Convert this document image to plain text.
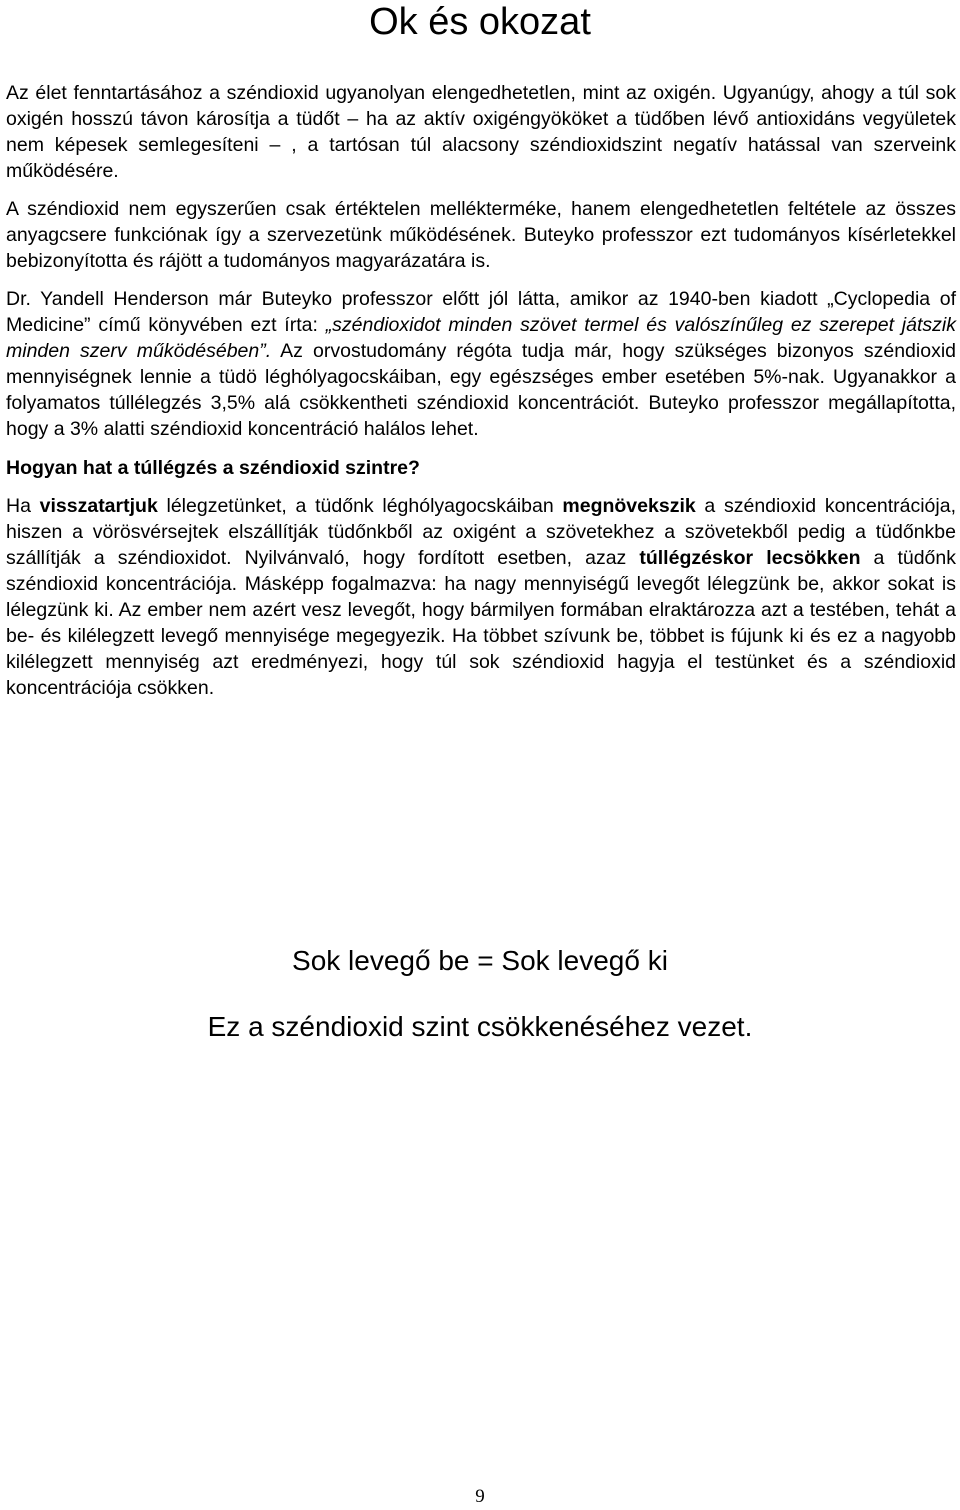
Ok és okozat

Az élet fenntartásához a széndioxid ugyanolyan elengedhetetlen, mint az oxigén. Ugyanúgy, ahogy a túl sok oxigén hosszú távon károsítja a tüdőt – ha az aktív oxigéngyököket a tüdőben lévő antioxidáns vegyületek nem képesek semlegesíteni – , a tartósan túl alacsony széndioxidszint negatív hatással van szerveink működésére.

A széndioxid nem egyszerűen csak értéktelen mellékterméke, hanem elengedhetetlen feltétele az összes anyagcsere funkciónak így a szervezetünk működésének. Buteyko professzor ezt tudományos kísérletekkel bebizonyította és rájött a tudományos magyarázatára is.

Dr. Yandell Henderson már Buteyko professzor előtt jól látta, amikor az 1940-ben kiadott „Cyclopedia of Medicine” című könyvében ezt írta: „széndioxidot minden szövet termel és valószínűleg ez szerepet játszik minden szerv működésében”. Az orvostudomány régóta tudja már, hogy szükséges bizonyos széndioxid mennyiségnek lennie a tüdö léghólyagocskáiban, egy egészséges ember esetében 5%-nak. Ugyanakkor a folyamatos túllélegzés 3,5% alá csökkentheti széndioxid koncentrációt. Buteyko professzor megállapította, hogy a 3% alatti széndioxid koncentráció halálos lehet.

Hogyan hat a túllégzés a széndioxid szintre?

Ha visszatartjuk lélegzetünket, a tüdőnk léghólyagocskáiban megnövekszik a széndioxid koncentrációja, hiszen a vörösvérsejtek elszállítják tüdőnkből az oxigént a szövetekhez a szövetekből pedig a tüdőnkbe szállítják a széndioxidot. Nyilvánvaló, hogy fordított esetben, azaz túllégzéskor lecsökken a tüdőnk széndioxid koncentrációja. Másképp fogalmazva: ha nagy mennyiségű levegőt lélegzünk be, akkor sokat is lélegzünk ki. Az ember nem azért vesz levegőt, hogy bármilyen formában elraktározza azt a testében, tehát a be- és kilélegzett levegő mennyisége megegyezik. Ha többet szívunk be, többet is fújunk ki és ez a nagyobb kilélegzett mennyiség azt eredményezi, hogy túl sok széndioxid hagyja el testünket és a széndioxid koncentrációja csökken.

Sok levegő be = Sok levegő ki
Ez a széndioxid szint csökkenéséhez vezet.
9
